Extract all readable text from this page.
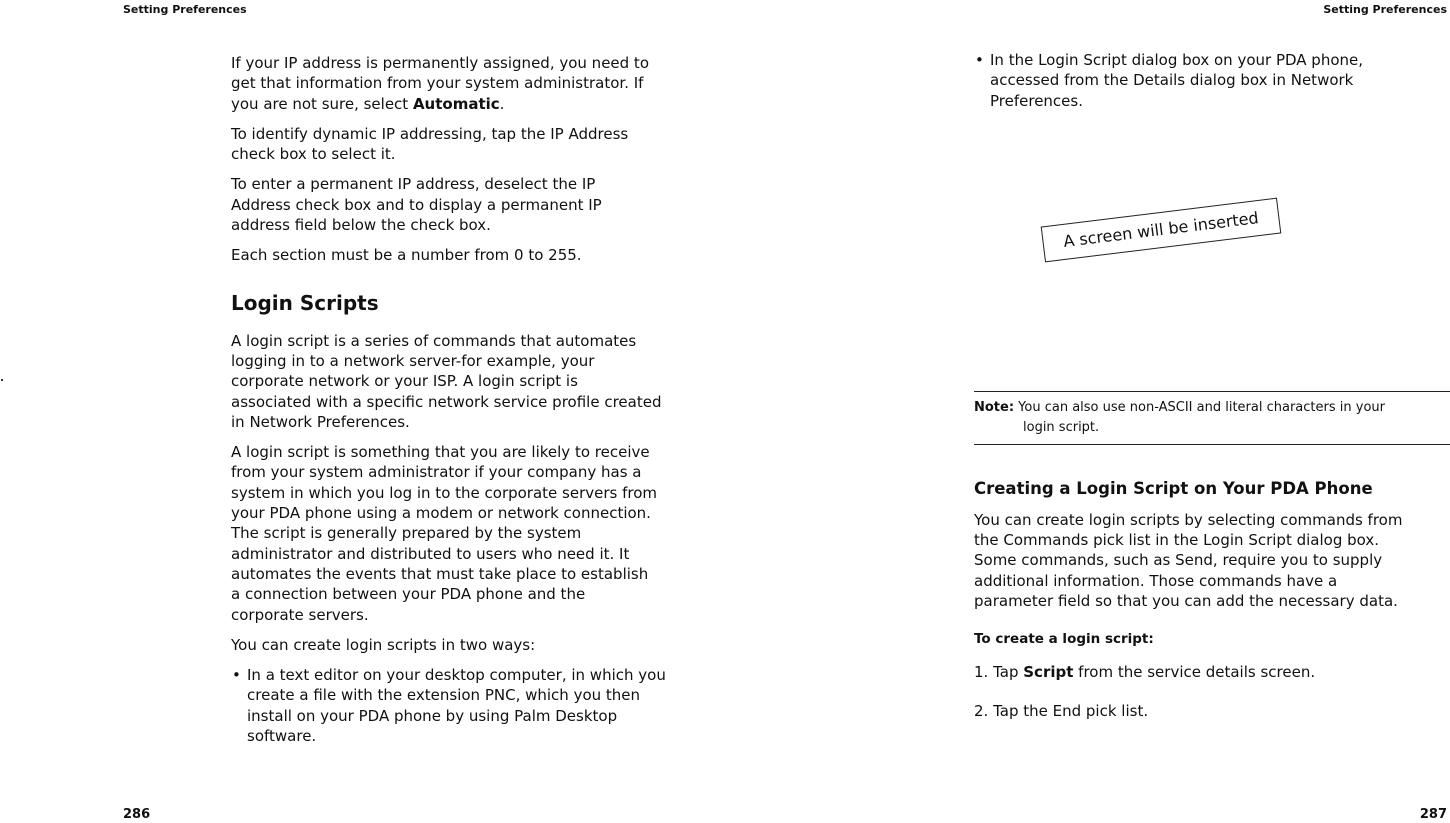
Setting Preferences

If your IP address is permanently assigned, you need to
get that information from your system administrator. If
you are not sure, select Automatic.

To identify dynamic IP addressing, tap the IP Address
check box to select it.

To enter a permanent IP address, deselect the IP
Address check box and to display a permanent IP
address field below the check box.

Each section must be a number from 0 to 255.

Login Scripts

A login script is a series of commands that automates
logging in to a network server-for example, your
corporate network or your ISP. A login script is
associated with a specific network service profile created
in Network Preferences.

A login script is something that you are likely to receive
from your system administrator if your company has a
system in which you log in to the corporate servers from
your PDA phone using a modem or network connection.
The script is generally prepared by the system
administrator and distributed to users who need it. It
automates the events that must take place to establish
a connection between your PDA phone and the
corporate servers.

You can create login scripts in two ways:

• In a text editor on your desktop computer, in which you
create a file with the extension PNC, which you then
install on your PDA phone by using Palm Desktop
software.
286
Setting Preferences
• In the Login Script dialog box on your PDA phone,
accessed from the Details dialog box in Network
Preferences.
A screen will be inserted
Note: You can also use non-ASCII and literal characters in your
login script.
Creating a Login Script on Your PDA Phone

You can create login scripts by selecting commands from
the Commands pick list in the Login Script dialog box.
Some commands, such as Send, require you to supply
additional information. Those commands have a
parameter field so that you can add the necessary data.

To create a login script:
1. Tap Script from the service details screen.
2. Tap the End pick list.
287
